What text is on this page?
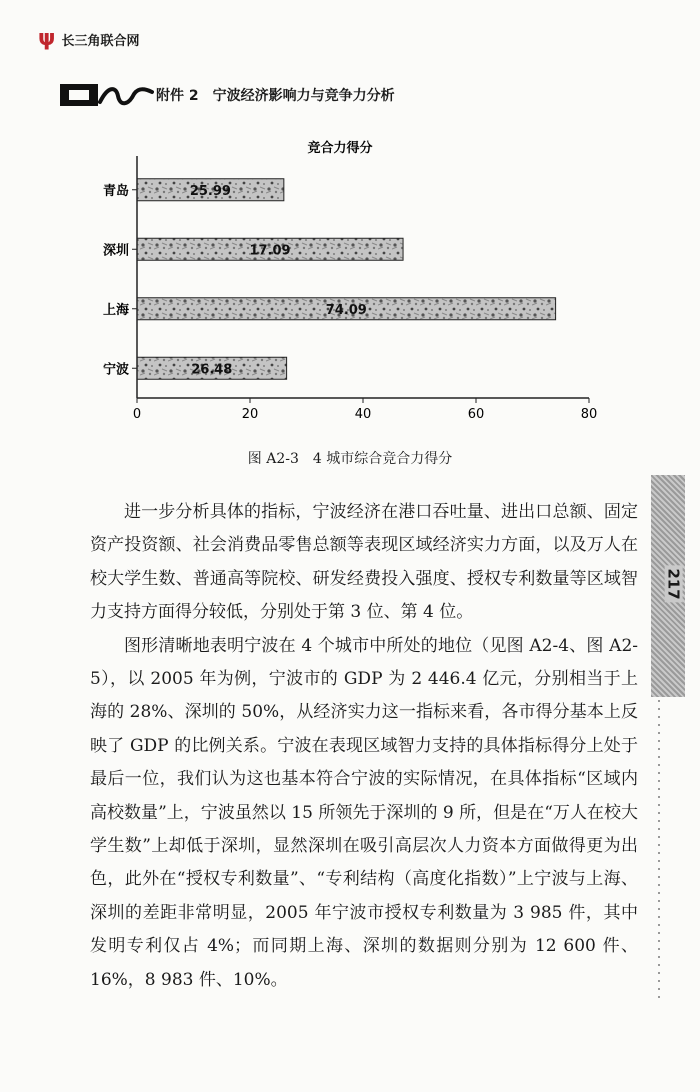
ψ 长三角联合网
附件 2 宁波经济影响力与竞争力分析
竞合力得分
25.99
17.09
74.09
26.48
青岛
深圳
上海
宁波
0	20	40	60	80
图 A2-3　4 城市综合竞合力得分

进一步分析具体的指标，宁波经济在港口吞吐量、进出口总额、固定资产投资额、社会消费品零售总额等表现区域经济实力方面，以及万人在校大学生数、普通高等院校、研发经费投入强度、授权专利数量等区域智力支持方面得分较低，分别处于第 3 位、第 4 位。

图形清晰地表明宁波在 4 个城市中所处的地位（见图 A2-4、图 A2-5），以 2005 年为例，宁波市的 GDP 为 2 446.4 亿元，分别相当于上海的 28%、深圳的 50%，从经济实力这一指标来看，各市得分基本上反映了 GDP 的比例关系。宁波在表现区域智力支持的具体指标得分上处于最后一位，我们认为这也基本符合宁波的实际情况，在具体指标“区域内高校数量”上，宁波虽然以 15 所领先于深圳的 9 所，但是在“万人在校大学生数”上却低于深圳，显然深圳在吸引高层次人力资本方面做得更为出色，此外在“授权专利数量”、“专利结构（高度化指数）”上宁波与上海、深圳的差距非常明显，2005 年宁波市授权专利数量为 3 985 件，其中发明专利仅占 4%；而同期上海、深圳的数据则分别为 12 600 件、16%，8 983 件、10%。

217
